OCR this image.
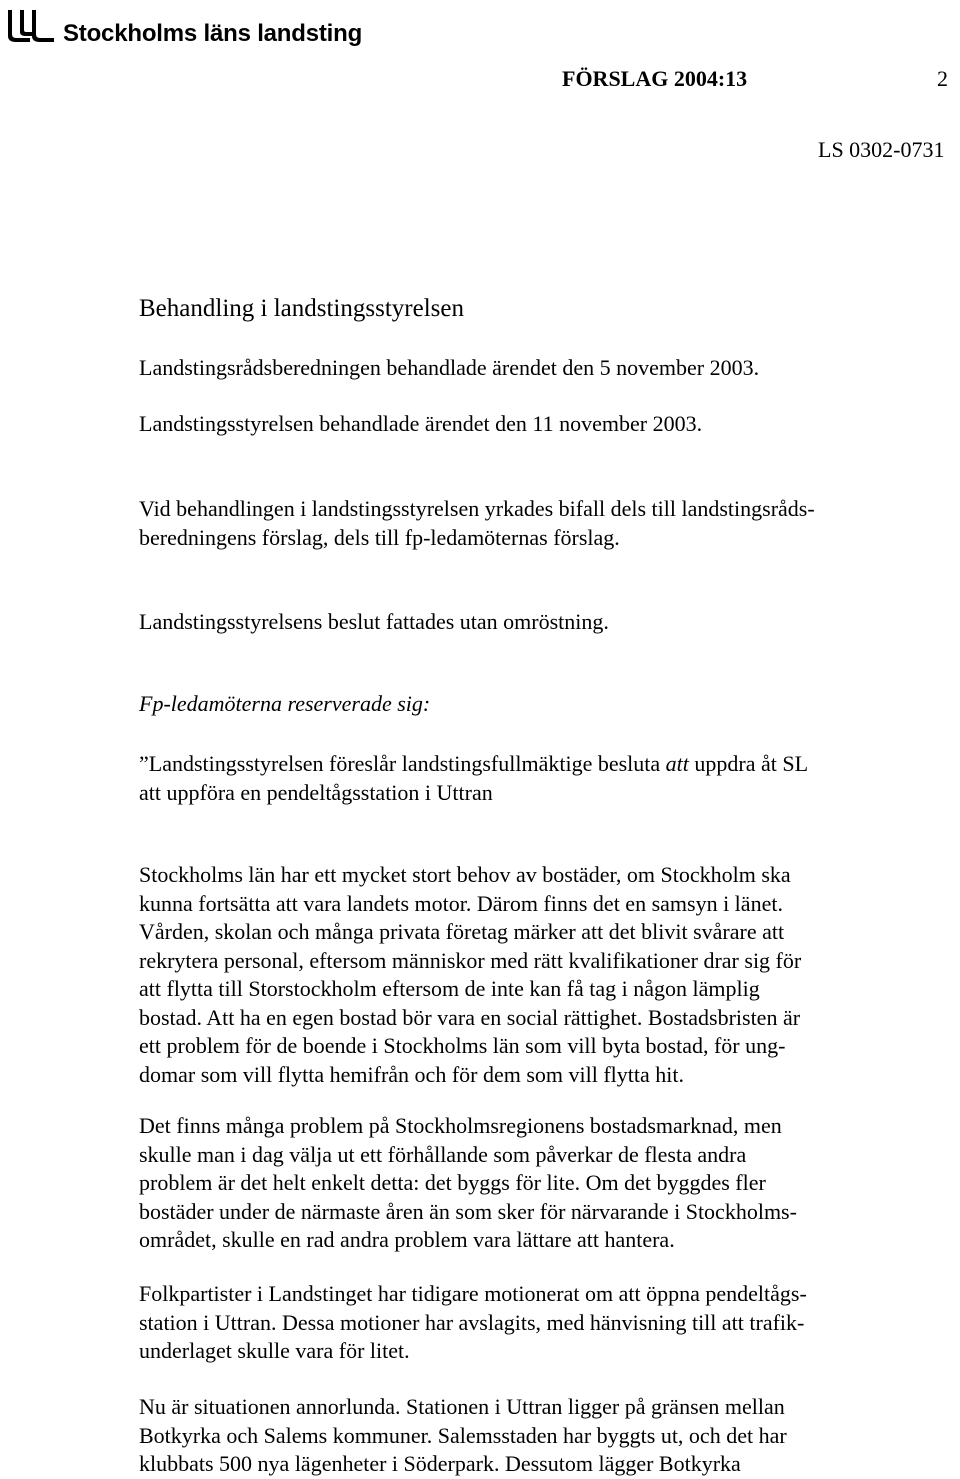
Stockholms läns landsting
FÖRSLAG 2004:13	2
LS 0302-0731
Behandling i landstingsstyrelsen
Landstingsrådsberedningen behandlade ärendet den 5 november 2003.
Landstingsstyrelsen behandlade ärendet den 11 november 2003.
Vid behandlingen i landstingsstyrelsen yrkades bifall dels till landstingsråds-
beredningens förslag, dels till fp-ledamöternas förslag.
Landstingsstyrelsens beslut fattades utan omröstning.
Fp-ledamöterna reserverade sig:
”Landstingsstyrelsen föreslår landstingsfullmäktige besluta att uppdra åt SL
att uppföra en pendeltågsstation i Uttran
Stockholms län har ett mycket stort behov av bostäder, om Stockholm ska
kunna fortsätta att vara landets motor. Därom finns det en samsyn i länet.
Vården, skolan och många privata företag märker att det blivit svårare att
rekrytera personal, eftersom människor med rätt kvalifikationer drar sig för
att flytta till Storstockholm eftersom de inte kan få tag i någon lämplig
bostad. Att ha en egen bostad bör vara en social rättighet. Bostadsbristen är
ett problem för de boende i Stockholms län som vill byta bostad, för ung-
domar som vill flytta hemifrån och för dem som vill flytta hit.
Det finns många problem på Stockholmsregionens bostadsmarknad, men
skulle man i dag välja ut ett förhållande som påverkar de flesta andra
problem är det helt enkelt detta: det byggs för lite. Om det byggdes fler
bostäder under de närmaste åren än som sker för närvarande i Stockholms-
området, skulle en rad andra problem vara lättare att hantera.
Folkpartister i Landstinget har tidigare motionerat om att öppna pendeltågs-
station i Uttran. Dessa motioner har avslagits, med hänvisning till att trafik-
underlaget skulle vara för litet.
Nu är situationen annorlunda. Stationen i Uttran ligger på gränsen mellan
Botkyrka och Salems kommuner. Salemsstaden har byggts ut, och det har
klubbats 500 nya lägenheter i Söderpark. Dessutom lägger Botkyrka
